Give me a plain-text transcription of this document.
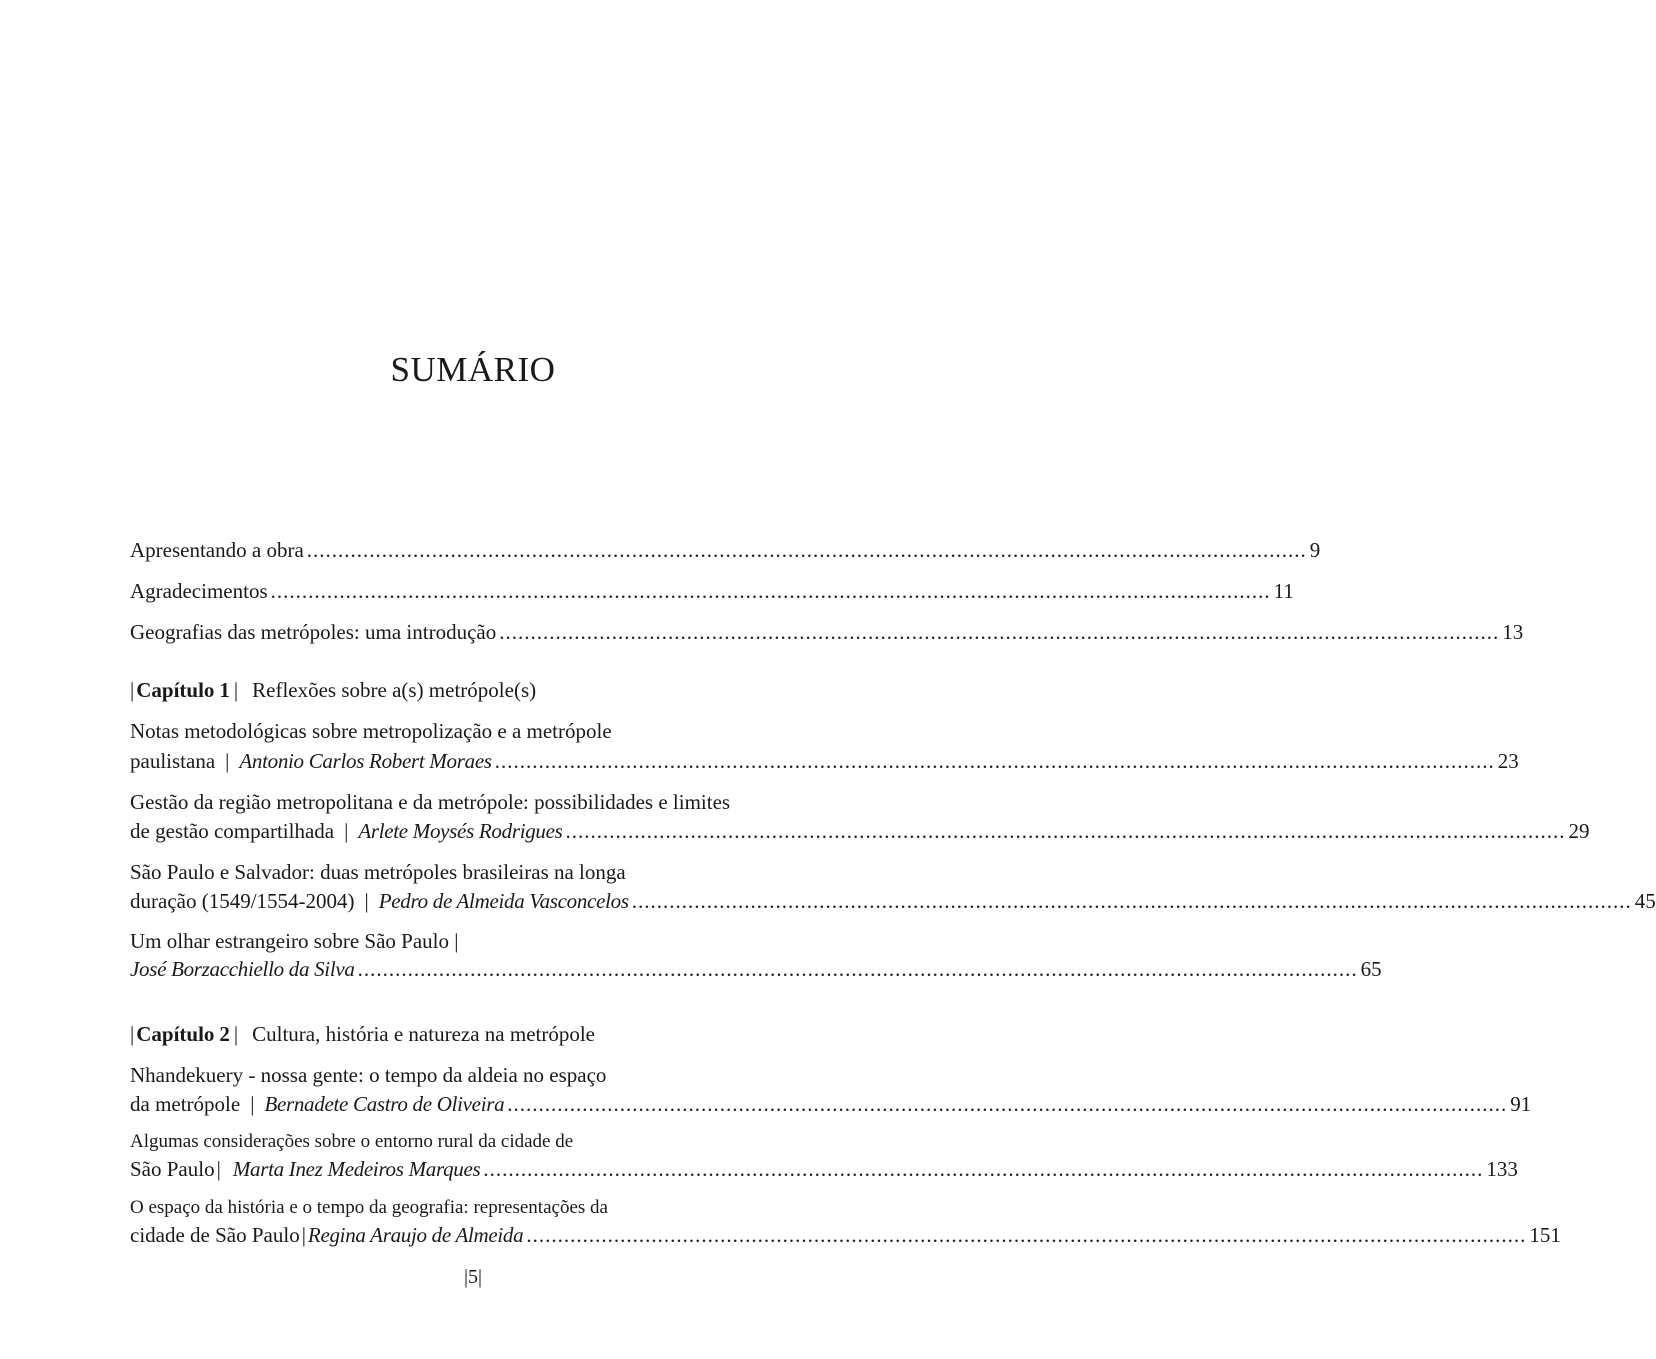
SUMÁRIO
Apresentando a obra ................................................................................................................................................................ 9
Agradecimentos ................................................................................................................................................................ 11
Geografias das metrópoles: uma introdução ................................................................................................................................................................ 13
| Capítulo 1 | Reflexões sobre a(s) metrópole(s)
Notas metodológicas sobre metropolização e a metrópole
paulistana | Antonio Carlos Robert Moraes ................................................................................................................................................................ 23
Gestão da região metropolitana e da metrópole: possibilidades e limites
de gestão compartilhada | Arlete Moysés Rodrigues ................................................................................................................................................................ 29
São Paulo e Salvador: duas metrópoles brasileiras na longa
duração (1549/1554-2004) | Pedro de Almeida Vasconcelos ................................................................................................................................................................ 45
Um olhar estrangeiro sobre São Paulo |
José Borzacchiello da Silva ................................................................................................................................................................ 65
| Capítulo 2 | Cultura, história e natureza na metrópole
Nhandekuery - nossa gente: o tempo da aldeia no espaço
da metrópole | Bernadete Castro de Oliveira ................................................................................................................................................................ 91
Algumas considerações sobre o entorno rural da cidade de
São Paulo | Marta Inez Medeiros Marques ................................................................................................................................................................ 133
O espaço da história e o tempo da geografia: representações da
cidade de São Paulo | Regina Araujo de Almeida ................................................................................................................................................................ 151
|5|
